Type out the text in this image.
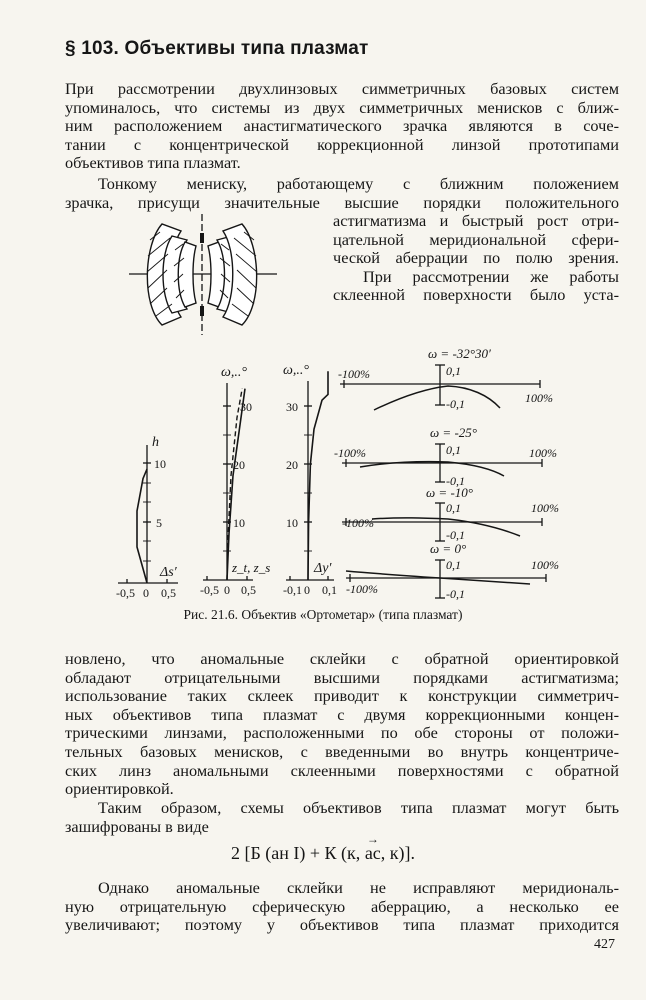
§ 103. Объективы типа плазмат
При рассмотрении двухлинзовых симметричных базовых систем
упоминалось, что системы из двух симметричных менисков с ближ-
ним расположением анастигматического зрачка являются в соче-
тании с концентрической коррекционной линзой прототипами
объективов типа плазмат.
Тонкому мениску, работающему с ближним положением
зрачка, присущи значительные высшие порядки положительного
астигматизма и быстрый рост отри-
цательной меридиональной сфери-
ческой аберрации по полю зрения.
При рассмотрении же работы
склеенной поверхности было уста-
h
5
10
Δs′
-0,5 0 0,5
ω,..°
10
20
30
z_t, z_s
-0,5 0 0,5
ω,..°
10
20
30
Δy′
-0,1 0 0,1
ω = -32°30′
-100%
100%
0,1
-0,1
ω = -25°
-100%	100%
0,1
-0,1
ω = -10°
-100%
100%
0,1
-0,1
ω = 0°
-100%
100%
0,1
-0,1

Рис. 21.6. Объектив «Ортометар» (типа плазмат)

новлено, что аномальные склейки с обратной ориентировкой
обладают отрицательными высшими порядками астигматизма;
использование таких склеек приводит к конструкции симметрич-
ных объективов типа плазмат с двумя коррекционными концен-
трическими линзами, расположенными по обе стороны от положи-
тельных базовых менисков, с введенными во внутрь концентриче-
ских линз аномальными склеенными поверхностями с обратной
ориентировкой.
Таким образом, схемы объективов типа плазмат могут быть
зашифрованы в виде

2 [Б (ан I) + К (к,
→
ac, к)].

Однако аномальные склейки не исправляют меридиональ-
ную отрицательную сферическую аберрацию, а несколько ее
увеличивают; поэтому у объективов типа плазмат приходится

427
